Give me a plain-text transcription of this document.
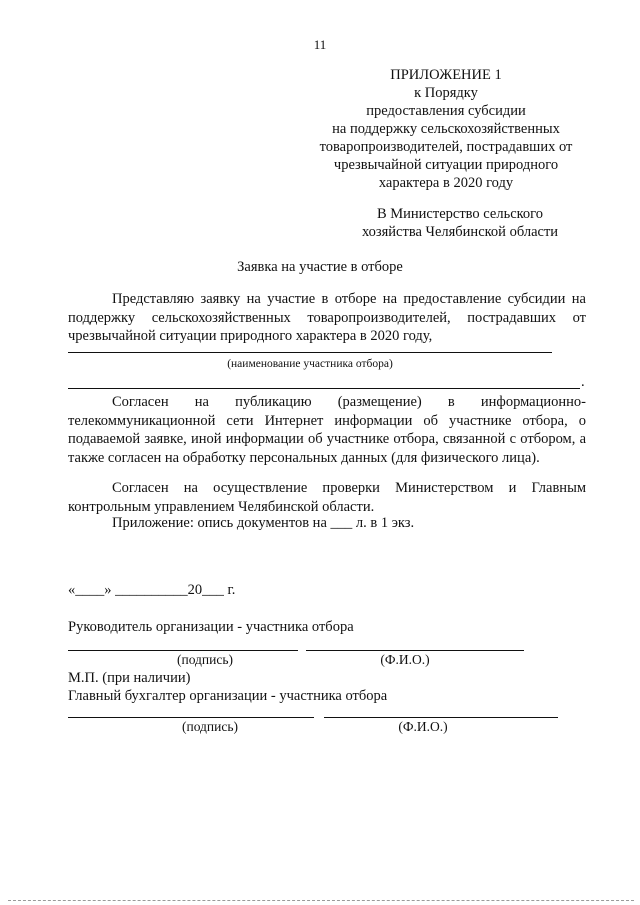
11
ПРИЛОЖЕНИЕ 1
к Порядку
предоставления субсидии
на поддержку сельскохозяйственных
товаропроизводителей, пострадавших от
чрезвычайной ситуации природного
характера в 2020 году
В Министерство сельского
хозяйства Челябинской области
Заявка на участие в отборе
Представляю заявку на участие в отборе на предоставление субсидии на поддержку сельскохозяйственных товаропроизводителей, пострадавших от чрезвычайной ситуации природного характера в 2020 году,
(наименование участника отбора)
.
Согласен на публикацию (размещение) в информационно-телекоммуникационной сети Интернет информации об участнике отбора, о подаваемой заявке, иной информации об участнике отбора, связанной с отбором, а также согласен на обработку персональных данных (для физического лица).
Согласен на осуществление проверки Министерством и Главным контрольным управлением Челябинской области.
Приложение: опись документов на ___ л. в 1 экз.
«____» __________20___ г.
Руководитель организации - участника отбора
(подпись)	(Ф.И.О.)
М.П. (при наличии)
Главный бухгалтер организации - участника отбора
(подпись)	(Ф.И.О.)
